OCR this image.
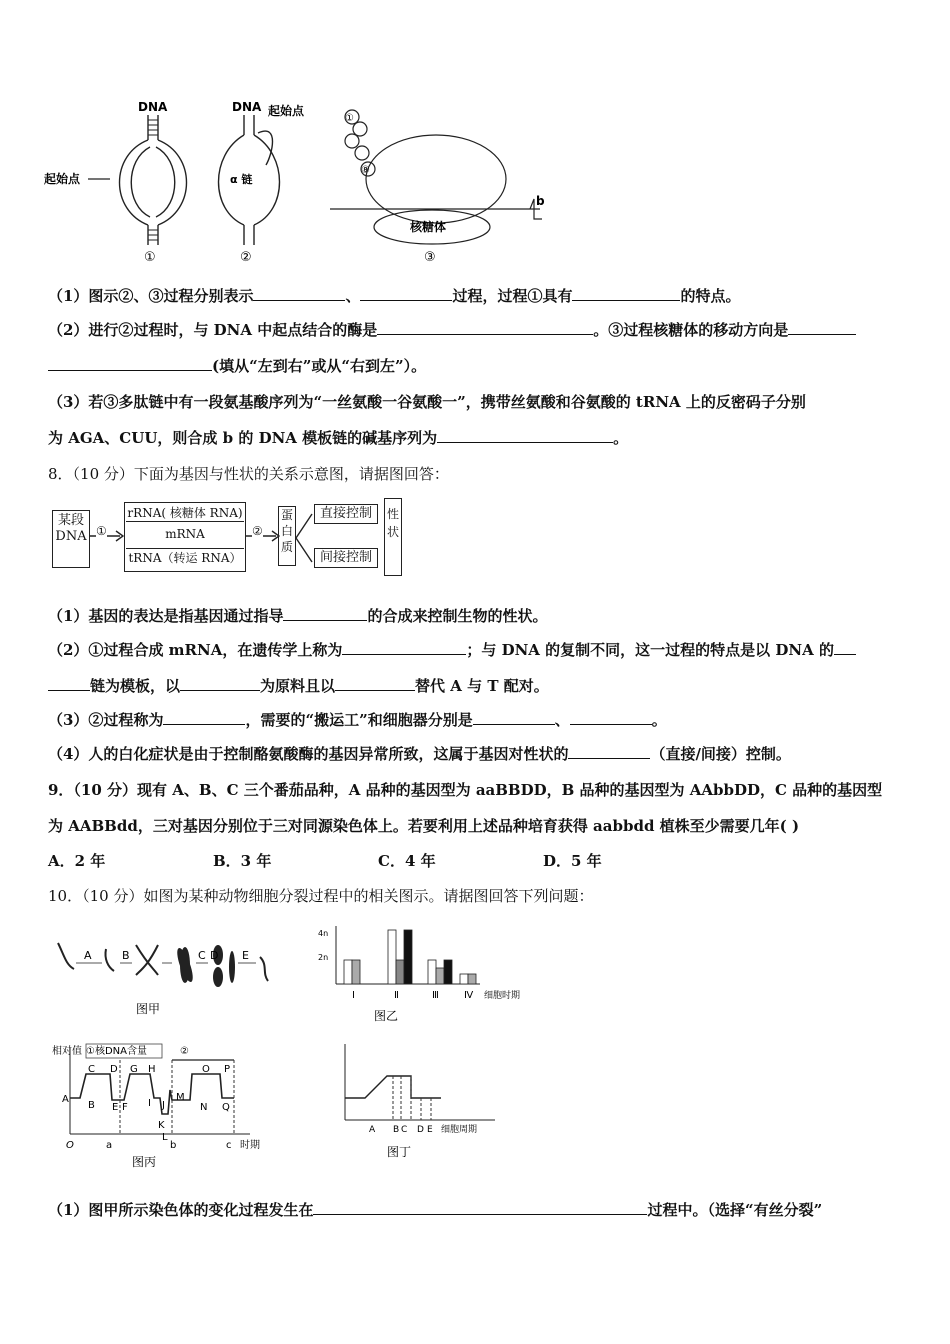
DNA
起始点
①
DNA 起始点
α 链
②
①
⑧
核糖体
b
③
（1）图示②、③过程分别表示	、	过程，过程①具有	的特点。
（2）进行②过程时，与 DNA 中起点结合的酶是	。③过程核糖体的移动方向是
(填从“左到右”或从“右到左”）。
（3）若③多肽链中有一段氨基酸序列为“一丝氨酸一谷氨酸一”，携带丝氨酸和谷氨酸的 tRNA 上的反密码子分别
为 AGA、CUU，则合成 b 的 DNA 模板链的碱基序列为	。
8．（10 分）下面为基因与性状的关系示意图，请据图回答：
某段DNA ①
rRNA( 核糖体 RNA)
mRNA
tRNA（转运 RNA）
②
蛋白质
直接控制
间接控制
性状
（1）基因的表达是指基因通过指导	的合成来控制生物的性状。
（2）①过程合成 mRNA，在遗传学上称为	；与 DNA 的复制不同，这一过程的特点是以 DNA 的
链为模板，以	为原料且以	替代 A 与 T 配对。
（3）②过程称为	，需要的“搬运工”和细胞器分别是	、	。
（4）人的白化症状是由于控制酪氨酸酶的基因异常所致，这属于基因对性状的	（直接/间接）控制。
9．（10 分）现有 A、B、C 三个番茄品种，A 品种的基因型为 aaBBDD，B 品种的基因型为 AAbbDD，C 品种的基因型
为 AABBdd，三对基因分别位于三对同源染色体上。若要利用上述品种培育获得 aabbdd 植株至少需要几年( )
A．2 年	B．3 年	C．4 年	D．5 年
10．（10 分）如图为某种动物细胞分裂过程中的相关图示。请据图回答下列问题：
A	B	C D E
图甲
4n
2n
Ⅰ	Ⅱ	Ⅲ	Ⅳ 细胞时期
图乙
相对值 ①核DNA含量	②
A
B
C D
E F
G H
I J
K
L
M
N
O P
Q
O	a	b	c 时期
图丙
A B C D E 细胞周期
图丁
（1）图甲所示染色体的变化过程发生在	过程中。（选择“有丝分裂”
